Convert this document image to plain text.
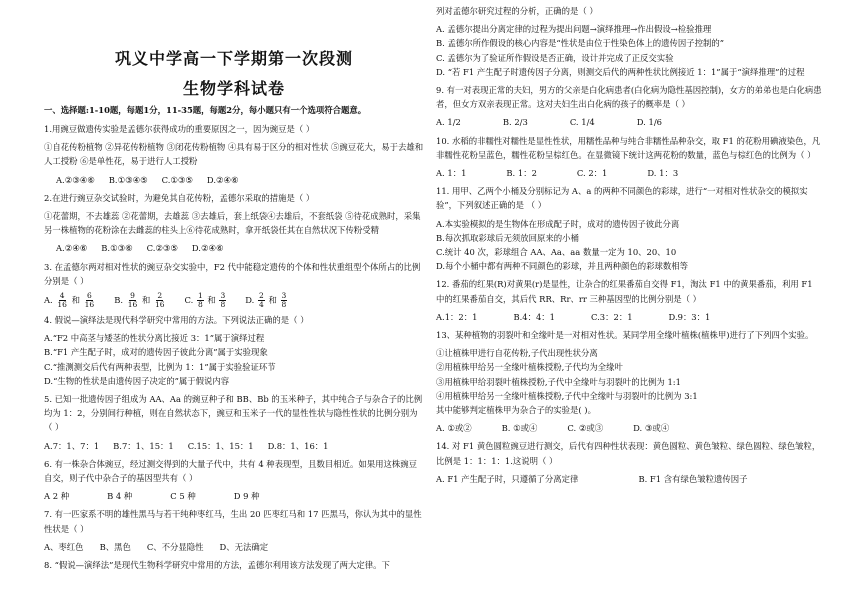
巩义中学高一下学期第一次段测
生物学科试卷
一、选择题:1-10题，每题1分，11-35题，每题2分，每小题只有一个选项符合题意。

1.用豌豆做遗传实验是孟德尔获得成功的重要原因之一，因为豌豆是（ ）

①自花传粉植物 ②异花传粉植物 ③闭花传粉植物 ④具有易于区分的相对性状 ⑤豌豆花大，易于去雄和人工授粉 ⑥是单性花，易于进行人工授粉

A.②③④⑥ B.①③④⑤ C.①③⑤ D.②④⑥

2.在进行豌豆杂交试验时，为避免其自花传粉，孟德尔采取的措施是（ ）

①花蕾期，不去雄蕊 ②花蕾期，去雄蕊 ③去雄后，套上纸袋④去雄后，不套纸袋 ⑤待花成熟时，采集另一株植物的花粉涂在去雌蕊的柱头上⑥待花成熟时，拿开纸袋任其在自然状况下传粉受精

A.②④⑥ B.①③⑥ C.②③⑤ D.②④⑥

3. 在孟德尔两对相对性状的豌豆杂交实验中，F2 代中能稳定遗传的个体和性状重组型个体所占的比例分别是（ ）

A. $\frac{4}{16}$ 和 $\frac{6}{16} B$. $\frac{9}{16}$ 和 $\frac{2}{16} C$. $\frac{1}{8}$ 和 $\frac{3}{8} D$. $\frac{2}{4}$ 和 $\frac{3}{8}$

4. 假说—演绎法是现代科学研究中常用的方法。下列说法正确的是（ ）

A.“F2 中高茎与矮茎的性状分离比接近 3：1”属于演绎过程
B.“F1 产生配子时，成对的遗传因子彼此分离”属于实验现象
C.“推测测交后代有两种表型，比例为 1：1”属于实验验证环节
D.“生物的性状是由遗传因子决定的”属于假说内容

5. 已知一批遗传因子组成为 AA、Aa 的豌豆种子和 BB、Bb 的玉米种子，其中纯合子与杂合子的比例均为 1：2，分别间行种植，则在自然状态下，豌豆和玉米子一代的显性性状与隐性性状的比例分别为（ ）

A.7：1、7：1 B.7：1、15：1 C.15：1、15：1 D.8：1、16：1

6. 有一株杂合体豌豆，经过测交得到的大量子代中，共有 4 种表现型，且数目相近。如果用这株豌豆自交，则子代中杂合子的基因型共有（ ）

A 2 种	B 4 种	C 5 种	D 9 种

7. 有一匹家系不明的雄性黑马与若干纯种枣红马，生出 20 匹枣红马和 17 匹黑马，你认为其中的显性性状是（ ）

A、枣红色 B、黑色 C、不分显隐性 D、无法确定

8. “假说—演绎法”是现代生物科学研究中常用的方法，孟德尔利用该方法发现了两大定律。下

列对孟德尔研究过程的分析，正确的是（ ）

A. 孟德尔提出分离定律的过程为提出问题→演绎推理→作出假设→检验推理
B. 孟德尔所作假设的核心内容是“性状是由位于性染色体上的遗传因子控制的”
C. 孟德尔为了验证所作假设是否正确，设计并完成了正反交实验
D. “若 F1 产生配子时遗传因子分离，则测交后代的两种性状比例接近 1：1”属于“演绎推理”的过程

9. 有一对表现正常的夫妇，男方的父亲是白化病患者(白化病为隐性基因控制)，女方的弟弟也是白化病患者，但女方双亲表现正常。这对夫妇生出白化病的孩子的概率是（ ）

A. 1/2	B. 2/3	C. 1/4	D. 1/6

10. 水稻的非糯性对糯性是显性性状，用糯性品种与纯合非糯性品种杂交，取 F1 的花粉用碘液染色，凡非糯性花粉呈蓝色，糯性花粉呈棕红色。在显微镜下统计这两花粉的数量，蓝色与棕红色的比例为（ ）

A. 1：1	B. 1：2	C. 2：1	D. 1：3

11. 用甲、乙两个小桶及分别标记为 A、a 的两种不同颜色的彩球，进行“一对相对性状杂交的模拟实验”，下列叙述正确的是 （ ）

A.本实验模拟的是生物体在形成配子时，成对的遗传因子彼此分离
B.每次抓取彩球后无须放回原来的小桶
C.统计 40 次，彩球组合 AA、Aa、aa 数量一定为 10、20、10
D.每个小桶中都有两种不同颜色的彩球，并且两种颜色的彩球数相等

12. 番茄的红果(R)对黄果(r)是显性，让杂合的红果番茄自交得 F1，淘汰 F1 中的黄果番茄，利用 F1 中的红果番茄自交，其后代 RR、Rr、rr 三种基因型的比例分别是（ ）

A.1：2：1	B.4：4：1	C.3：2：1	D.9：3：1

13、某种植物的羽裂叶和全缘叶是一对相对性状。某同学用全缘叶植株(植株甲)进行了下列四个实验。

①让植株甲进行自花传粉,子代出现性状分离
②用植株甲给另一全缘叶植株授粉,子代均为全缘叶
③用植株甲给羽裂叶植株授粉,子代中全缘叶与羽裂叶的比例为 1:1
④用植株甲给另一全缘叶植株授粉,子代中全缘叶与羽裂叶的比例为 3:1
其中能够判定植株甲为杂合子的实验是( )。
A. ①或②	B. ①或④	C. ②或③	D. ③或④

14. 对 F1 黄色圆粒豌豆进行测交，后代有四种性状表现：黄色圆粒、黄色皱粒、绿色圆粒、绿色皱粒，比例是 1：1：1：1.这说明（ ）

A. F1 产生配子时，只遵循了分离定律	B. F1 含有绿色皱粒遗传因子
